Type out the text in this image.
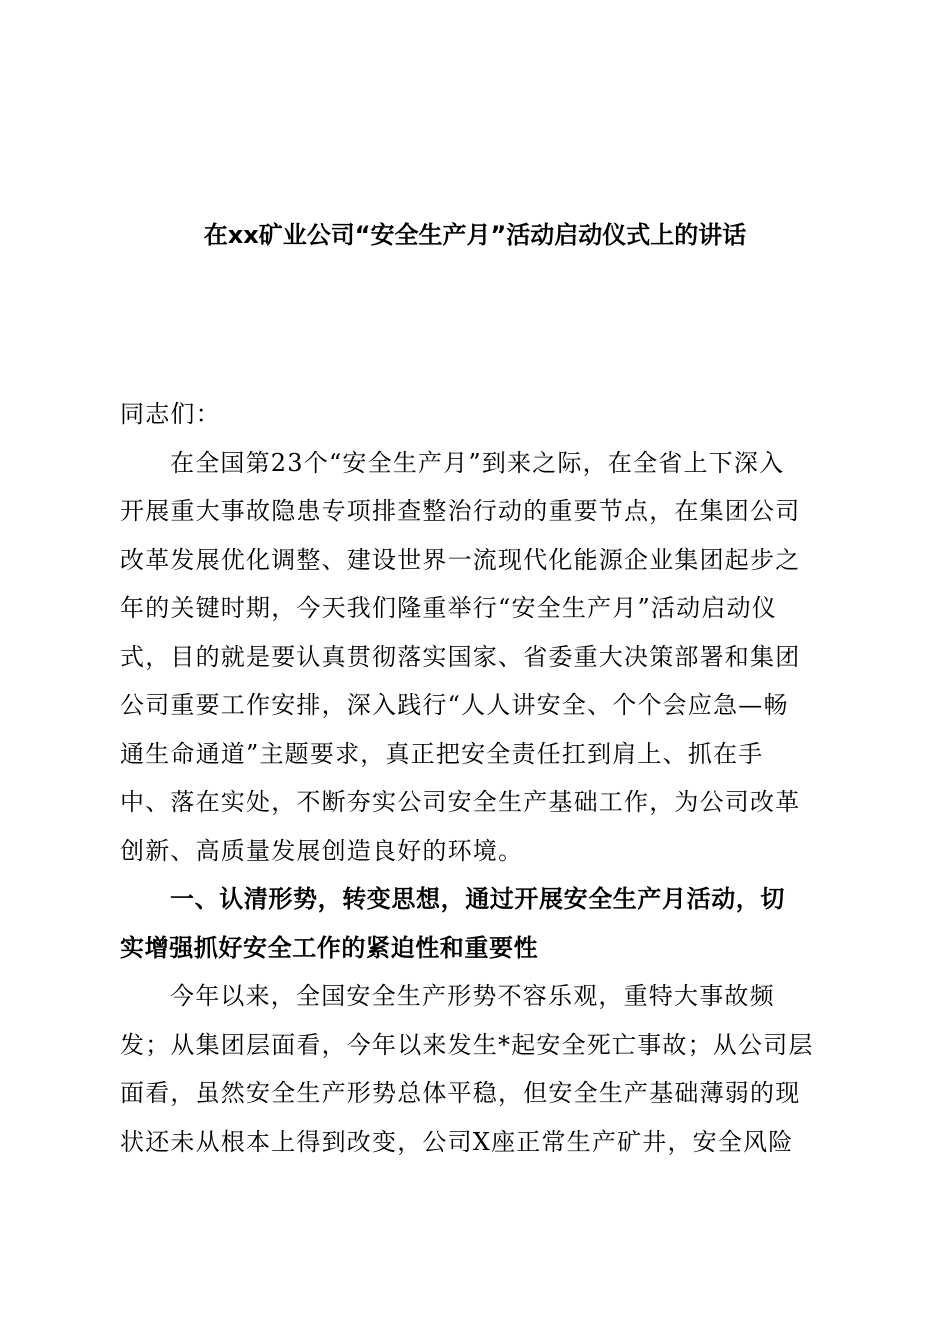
在xx矿业公司“安全生产月”活动启动仪式上的讲话
同志们：
在全国第23个“安全生产月”到来之际，在全省上下深入
开展重大事故隐患专项排查整治行动的重要节点，在集团公司
改革发展优化调整、建设世界一流现代化能源企业集团起步之
年的关键时期，今天我们隆重举行“安全生产月”活动启动仪
式，目的就是要认真贯彻落实国家、省委重大决策部署和集团
公司重要工作安排，深入践行“人人讲安全、个个会应急—畅
通生命通道”主题要求，真正把安全责任扛到肩上、抓在手
中、落在实处，不断夯实公司安全生产基础工作，为公司改革
创新、高质量发展创造良好的环境。
一、认清形势，转变思想，通过开展安全生产月活动，切
实增强抓好安全工作的紧迫性和重要性
今年以来，全国安全生产形势不容乐观，重特大事故频
发；从集团层面看，今年以来发生*起安全死亡事故；从公司层
面看，虽然安全生产形势总体平稳，但安全生产基础薄弱的现
状还未从根本上得到改变，公司X座正常生产矿井，安全风险
